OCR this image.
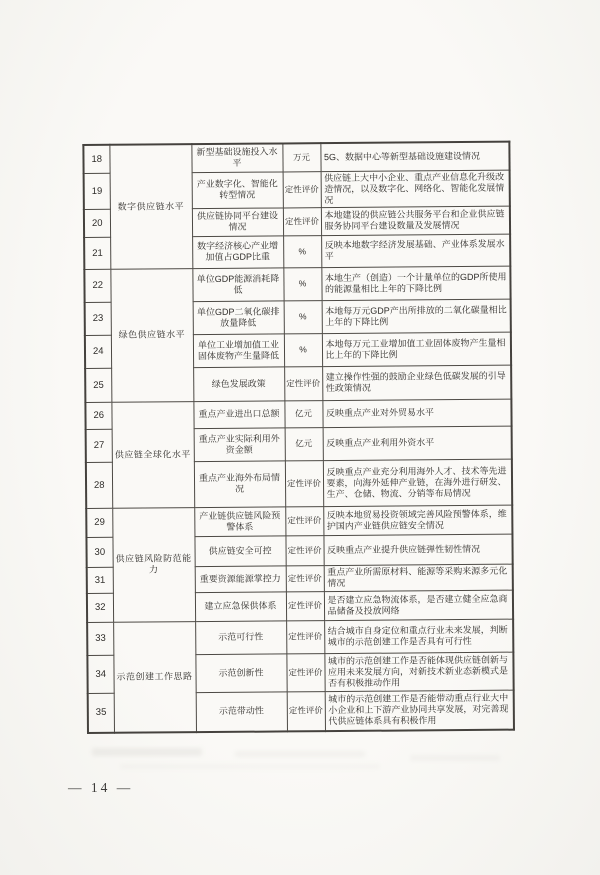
18	数字供应链水平	新型基础设施投入水平	万元	5G、数据中心等新型基础设施建设情况
19		产业数字化、智能化转型情况	定性评价	供应链上大中小企业、重点产业信息化升级改造情况，以及数字化、网络化、智能化发展情况
20		供应链协同平台建设情况	定性评价	本地建设的供应链公共服务平台和企业供应链服务协同平台建设数量及发展情况
21		数字经济核心产业增加值占GDP比重	%	反映本地数字经济发展基础、产业体系发展水平
22	绿色供应链水平	单位GDP能源消耗降低	%	本地生产（创造）一个计量单位的GDP所使用的能源量相比上年的下降比例
23		单位GDP二氧化碳排放量降低	%	本地每万元GDP产出所排放的二氧化碳量相比上年的下降比例
24		单位工业增加值工业固体废物产生量降低	%	本地每万元工业增加值工业固体废物产生量相比上年的下降比例
25		绿色发展政策	定性评价	建立操作性强的鼓励企业绿色低碳发展的引导性政策情况
26	供应链全球化水平	重点产业进出口总额	亿元	反映重点产业对外贸易水平
27		重点产业实际利用外资金额	亿元	反映重点产业利用外资水平
28		重点产业海外布局情况	定性评价	反映重点产业充分利用海外人才、技术等先进要素，向海外延伸产业链，在海外进行研发、生产、仓储、物流、分销等布局情况
29	供应链风险防范能力	产业链供应链风险预警体系	定性评价	反映本地贸易投资领域完善风险预警体系，维护国内产业链供应链安全情况
30		供应链安全可控	定性评价	反映重点产业提升供应链弹性韧性情况
31		重要资源能源掌控力	定性评价	重点产业所需原材料、能源等采购来源多元化情况
32		建立应急保供体系	定性评价	是否建立应急物流体系，是否建立健全应急商品储备及投放网络
33	示范创建工作思路	示范可行性	定性评价	结合城市自身定位和重点行业未来发展，判断城市的示范创建工作是否具有可行性
34		示范创新性	定性评价	城市的示范创建工作是否能体现供应链创新与应用未来发展方向，对新技术新业态新模式是否有积极推动作用
35		示范带动性	定性评价	城市的示范创建工作是否能带动重点行业大中小企业和上下游产业协同共享发展，对完善现代供应链体系具有积极作用
— 14 —
